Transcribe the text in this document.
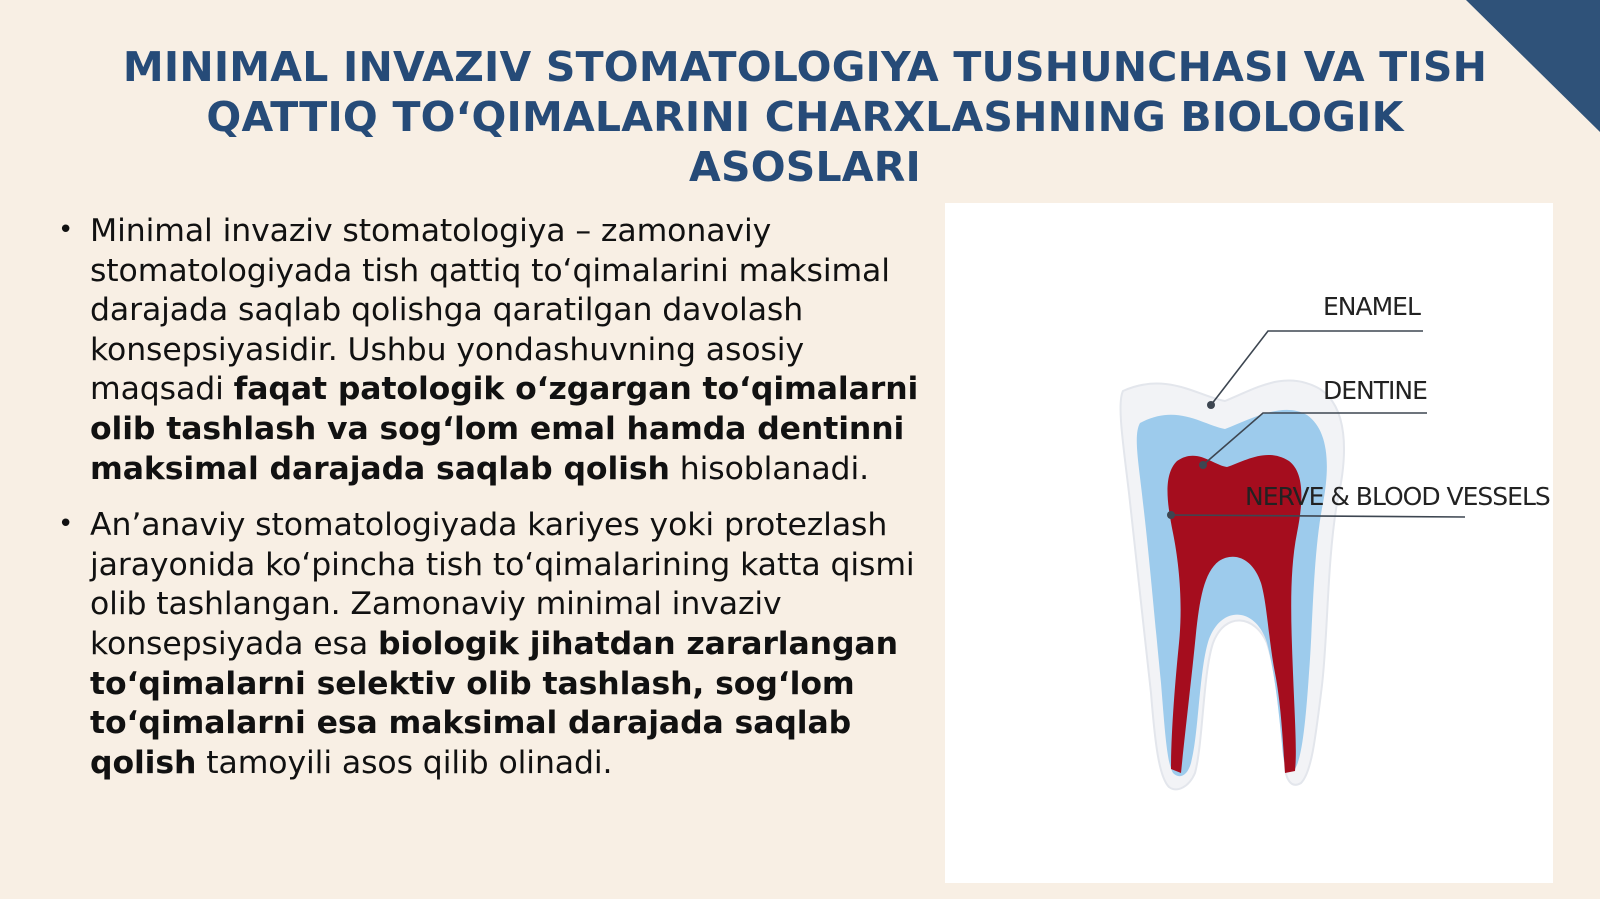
MINIMAL INVAZIV STOMATOLOGIYA TUSHUNCHASI VA TISH QATTIQ TO‘QIMALARINI CHARXLASHNING BIOLOGIK ASOSLARI
• Minimal invaziv stomatologiya – zamonaviy stomatologiyada tish qattiq to‘qimalarini maksimal darajada saqlab qolishga qaratilgan davolash konsepsiyasidir. Ushbu yondashuvning asosiy maqsadi faqat patologik o‘zgargan to‘qimalarni olib tashlash va sog‘lom emal hamda dentinni maksimal darajada saqlab qolish hisoblanadi.
• An’anaviy stomatologiyada kariyes yoki protezlash jarayonida ko‘pincha tish to‘qimalarining katta qismi olib tashlangan. Zamonaviy minimal invaziv konsepsiyada esa biologik jihatdan zararlangan to‘qimalarni selektiv olib tashlash, sog‘lom to‘qimalarni esa maksimal darajada saqlab qolish tamoyili asos qilib olinadi.
ENAMEL
DENTINE
NERVE & BLOOD VESSELS
